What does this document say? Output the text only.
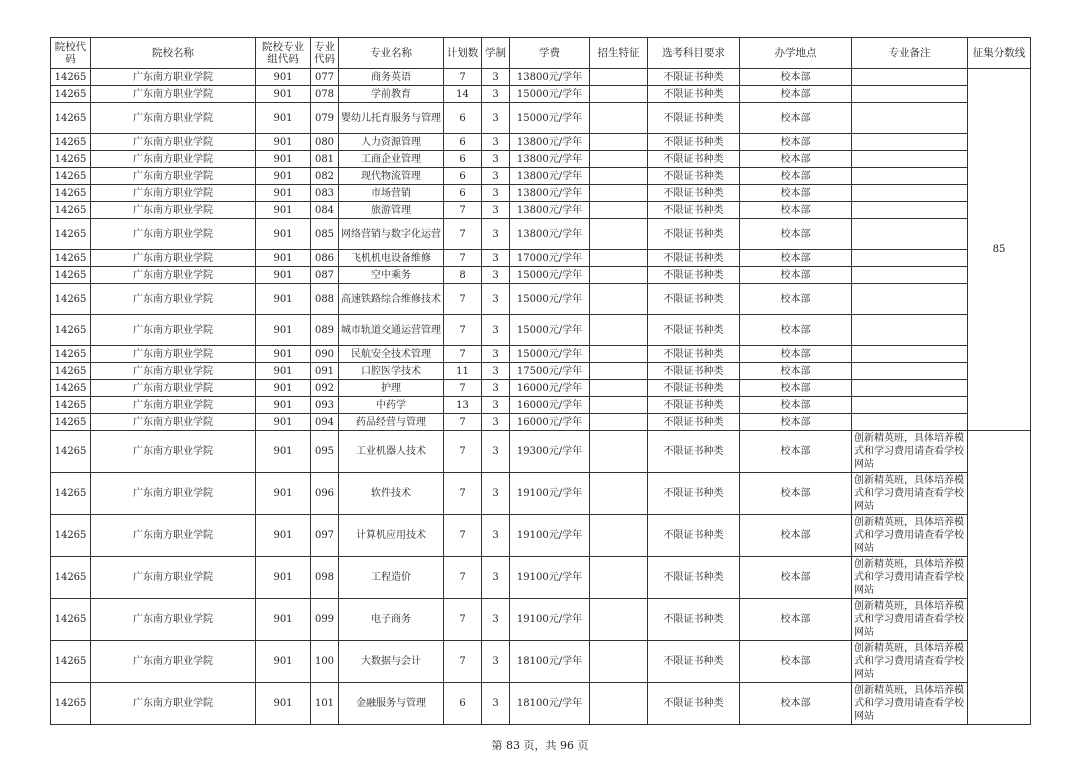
院校代码	院校名称	院校专业组代码	专业代码	专业名称	计划数	学制	学费	招生特征	选考科目要求	办学地点	专业备注	征集分数线
14265	广东南方职业学院	901	077	商务英语	7	3	13800元/学年		不限证书种类	校本部		85
14265	广东南方职业学院	901	078	学前教育	14	3	15000元/学年		不限证书种类	校本部		
14265	广东南方职业学院	901	079	婴幼儿托育服务与管理	6	3	15000元/学年		不限证书种类	校本部		
14265	广东南方职业学院	901	080	人力资源管理	6	3	13800元/学年		不限证书种类	校本部		
14265	广东南方职业学院	901	081	工商企业管理	6	3	13800元/学年		不限证书种类	校本部		
14265	广东南方职业学院	901	082	现代物流管理	6	3	13800元/学年		不限证书种类	校本部		
14265	广东南方职业学院	901	083	市场营销	6	3	13800元/学年		不限证书种类	校本部		
14265	广东南方职业学院	901	084	旅游管理	7	3	13800元/学年		不限证书种类	校本部		
14265	广东南方职业学院	901	085	网络营销与数字化运营	7	3	13800元/学年		不限证书种类	校本部		
14265	广东南方职业学院	901	086	飞机机电设备维修	7	3	17000元/学年		不限证书种类	校本部		
14265	广东南方职业学院	901	087	空中乘务	8	3	15000元/学年		不限证书种类	校本部		
14265	广东南方职业学院	901	088	高速铁路综合维修技术	7	3	15000元/学年		不限证书种类	校本部		
14265	广东南方职业学院	901	089	城市轨道交通运营管理	7	3	15000元/学年		不限证书种类	校本部		
14265	广东南方职业学院	901	090	民航安全技术管理	7	3	15000元/学年		不限证书种类	校本部		
14265	广东南方职业学院	901	091	口腔医学技术	11	3	17500元/学年		不限证书种类	校本部		
14265	广东南方职业学院	901	092	护理	7	3	16000元/学年		不限证书种类	校本部		
14265	广东南方职业学院	901	093	中药学	13	3	16000元/学年		不限证书种类	校本部		
14265	广东南方职业学院	901	094	药品经营与管理	7	3	16000元/学年		不限证书种类	校本部		
14265	广东南方职业学院	901	095	工业机器人技术	7	3	19300元/学年		不限证书种类	校本部	创新精英班，具体培养模式和学习费用请查看学校网站	
14265	广东南方职业学院	901	096	软件技术	7	3	19100元/学年		不限证书种类	校本部	创新精英班，具体培养模式和学习费用请查看学校网站	
14265	广东南方职业学院	901	097	计算机应用技术	7	3	19100元/学年		不限证书种类	校本部	创新精英班，具体培养模式和学习费用请查看学校网站	
14265	广东南方职业学院	901	098	工程造价	7	3	19100元/学年		不限证书种类	校本部	创新精英班，具体培养模式和学习费用请查看学校网站	
14265	广东南方职业学院	901	099	电子商务	7	3	19100元/学年		不限证书种类	校本部	创新精英班，具体培养模式和学习费用请查看学校网站	
14265	广东南方职业学院	901	100	大数据与会计	7	3	18100元/学年		不限证书种类	校本部	创新精英班，具体培养模式和学习费用请查看学校网站	
14265	广东南方职业学院	901	101	金融服务与管理	6	3	18100元/学年		不限证书种类	校本部	创新精英班，具体培养模式和学习费用请查看学校网站	
第 83 页，共 96 页
